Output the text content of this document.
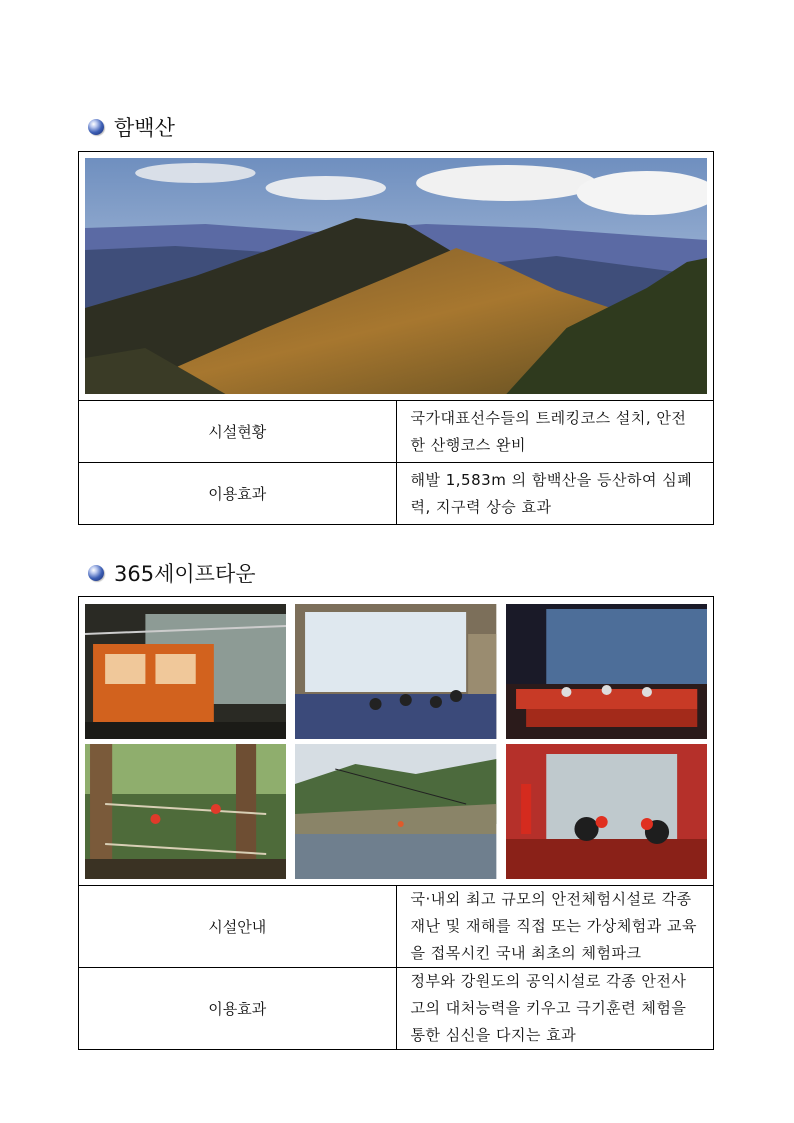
함백산

시설현황	국가대표선수들의 트레킹코스 설치, 안전한 산행코스 완비
이용효과	해발 1,583m 의 함백산을 등산하여 심폐력, 지구력 상승 효과
365세이프타운

시설안내	국·내외 최고 규모의 안전체험시설로 각종 재난 및 재해를 직접 또는 가상체험과 교육을 접목시킨 국내 최초의 체험파크
이용효과	정부와 강원도의 공익시설로 각종 안전사고의 대처능력을 키우고 극기훈련 체험을 통한 심신을 다지는 효과
